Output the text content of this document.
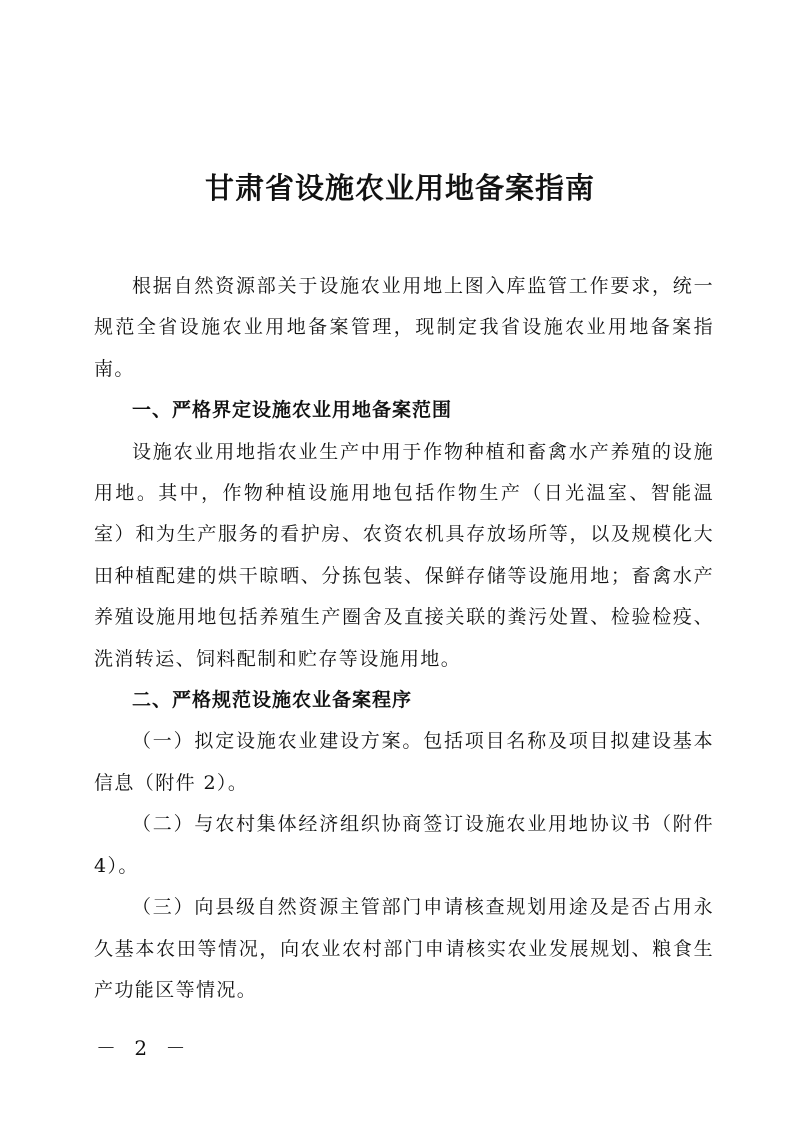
甘肃省设施农业用地备案指南

根据自然资源部关于设施农业用地上图入库监管工作要求，统一规范全省设施农业用地备案管理，现制定我省设施农业用地备案指南。

一、严格界定设施农业用地备案范围

设施农业用地指农业生产中用于作物种植和畜禽水产养殖的设施用地。其中，作物种植设施用地包括作物生产（日光温室、智能温室）和为生产服务的看护房、农资农机具存放场所等，以及规模化大田种植配建的烘干晾晒、分拣包装、保鲜存储等设施用地；畜禽水产养殖设施用地包括养殖生产圈舍及直接关联的粪污处置、检验检疫、洗消转运、饲料配制和贮存等设施用地。

二、严格规范设施农业备案程序

（一）拟定设施农业建设方案。包括项目名称及项目拟建设基本信息（附件 2）。

（二）与农村集体经济组织协商签订设施农业用地协议书（附件 4）。

（三）向县级自然资源主管部门申请核查规划用途及是否占用永久基本农田等情况，向农业农村部门申请核实农业发展规划、粮食生产功能区等情况。

－ 2 －
